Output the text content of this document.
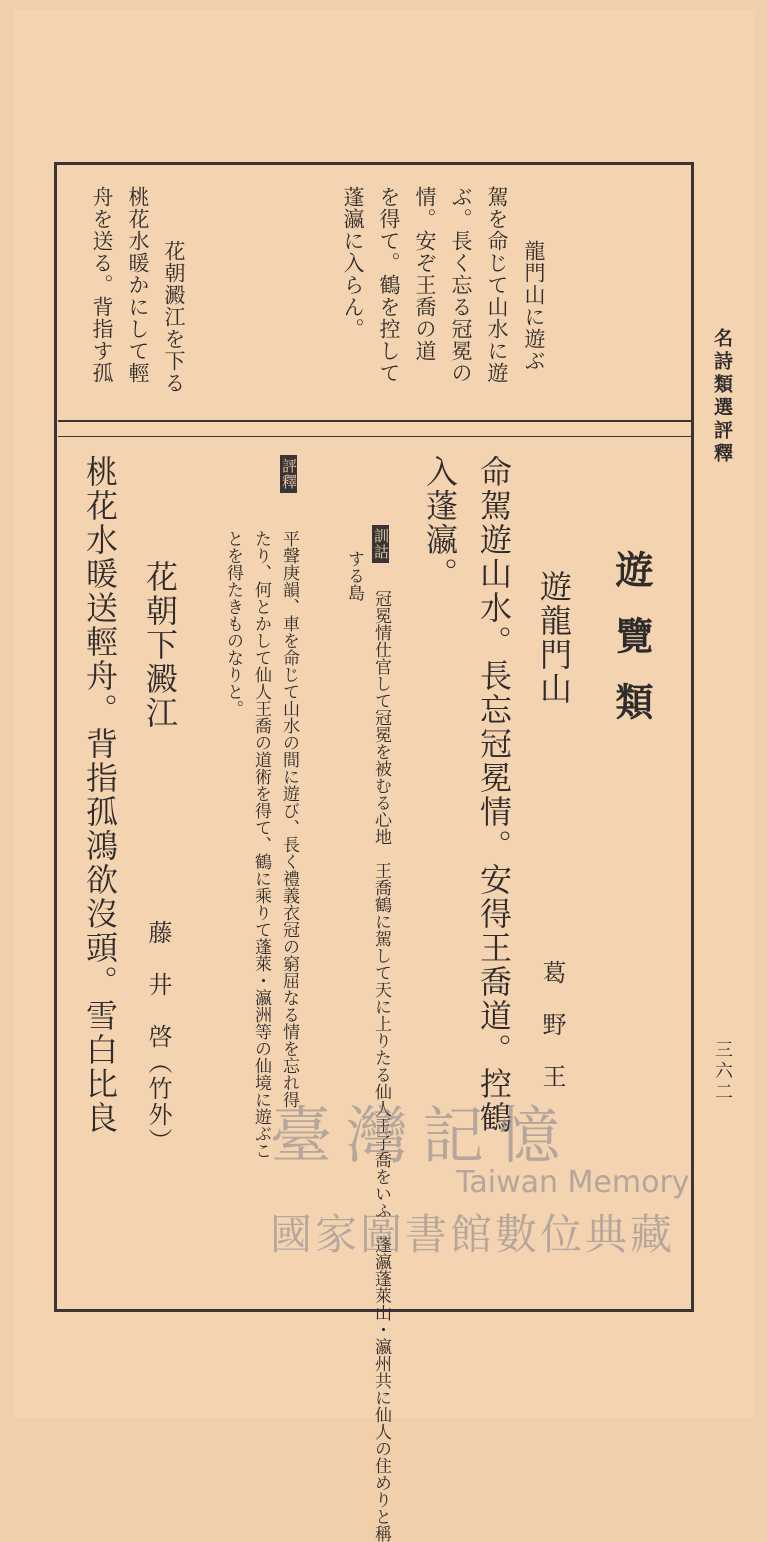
名詩類選評釋
三六二
龍門山に遊ぶ
駕を命じて山水に遊
ぶ。長く忘る冠冕の
情。安ぞ王喬の道
を得て。鶴を控して
蓬瀛に入らん。
花朝澱江を下る
桃花水暖かにして輕
舟を送る。背指す孤
遊覽類
遊龍門山
葛　野　王
命駕遊山水。長忘冠冕情。安得王喬道。控鶴
入蓬瀛。
訓詁
冠冕情仕官して冠冕を被むる心地　王喬鶴に駕して天に上りたる仙人王子喬をいふ　蓬瀛蓬萊山・瀛州共に仙人の住めりと稱
する島
評釋
平聲庚韻、車を命じて山水の間に遊び、長く禮義衣冠の窮屈なる情を忘れ得
たり、何とかして仙人王喬の道術を得て、鶴に乘りて蓬萊・瀛洲等の仙境に遊ぶこ
とを得たきものなりと。
花朝下澱江
藤　井　啓（竹外）
桃花水暖送輕舟。背指孤鴻欲沒頭。雪白比良
臺灣記憶
Taiwan Memory
國家圖書館數位典藏
